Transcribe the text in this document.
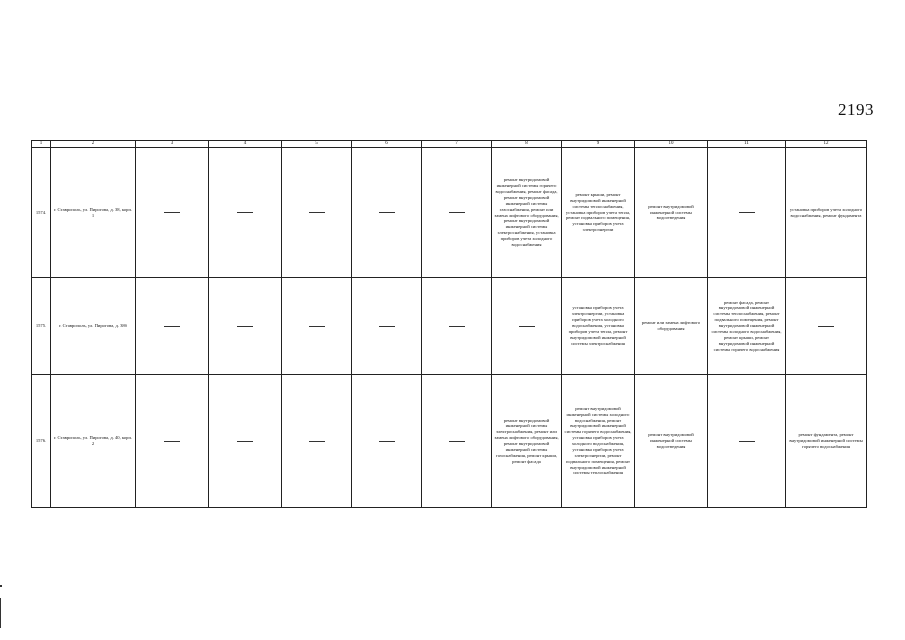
2193
1	2	3	4	5	6	7	8	9	10	11	12
1574.	г. Ставрополь, ул. Пирогова, д. 38, корп. 1						ремонт внутридомовой инженерной системы горячего водоснабжения, ремонт фасада, ремонт внутридомовой инженерной системы газоснабжения, ремонт или замена лифтового оборудования, ремонт внутридомовой инженерной системы электроснабжения, установка приборов учета холодного водоснабжения	ремонт крыши, ремонт внутридомовой инженерной системы теплоснабжения, установка приборов учета тепла, ремонт подвального помещения, установка приборов учета электроэнергии	ремонт внутридомовой инженерной системы водоотведения		установка приборов учета холодного водоснабжения, ремонт фундамента
1575.	г. Ставрополь, ул. Пирогова, д. 38б							установка приборов учета электроэнергии, установка приборов учета холодного водоснабжения, установка приборов учета тепла, ремонт внутридомовой инженерной системы электроснабжения	ремонт или замена лифтового оборудования	ремонт фасада, ремонт внутридомовой инженерной системы теплоснабжения, ремонт подвального помещения, ремонт внутридомовой инженерной системы холодного водоснабжения, ремонт крыши, ремонт внутридомовой инженерной системы горячего водоснабжения	
1576.	г. Ставрополь, ул. Пирогова, д. 40, корп. 2						ремонт внутридомовой инженерной системы электроснабжения, ремонт или замена лифтового оборудования, ремонт внутридомовой инженерной системы газоснабжения, ремонт крыши, ремонт фасада	ремонт внутридомовой инженерной системы холодного водоснабжения, ремонт внутридомовой инженерной системы горячего водоснабжения, установка приборов учета холодного водоснабжения, установка приборов учета электроэнергии, ремонт подвального помещения, ремонт внутридомовой инженерной системы теплоснабжения	ремонт внутридомовой инженерной системы водоотведения		ремонт фундамента, ремонт внутридомовой инженерной системы горячего водоснабжения
